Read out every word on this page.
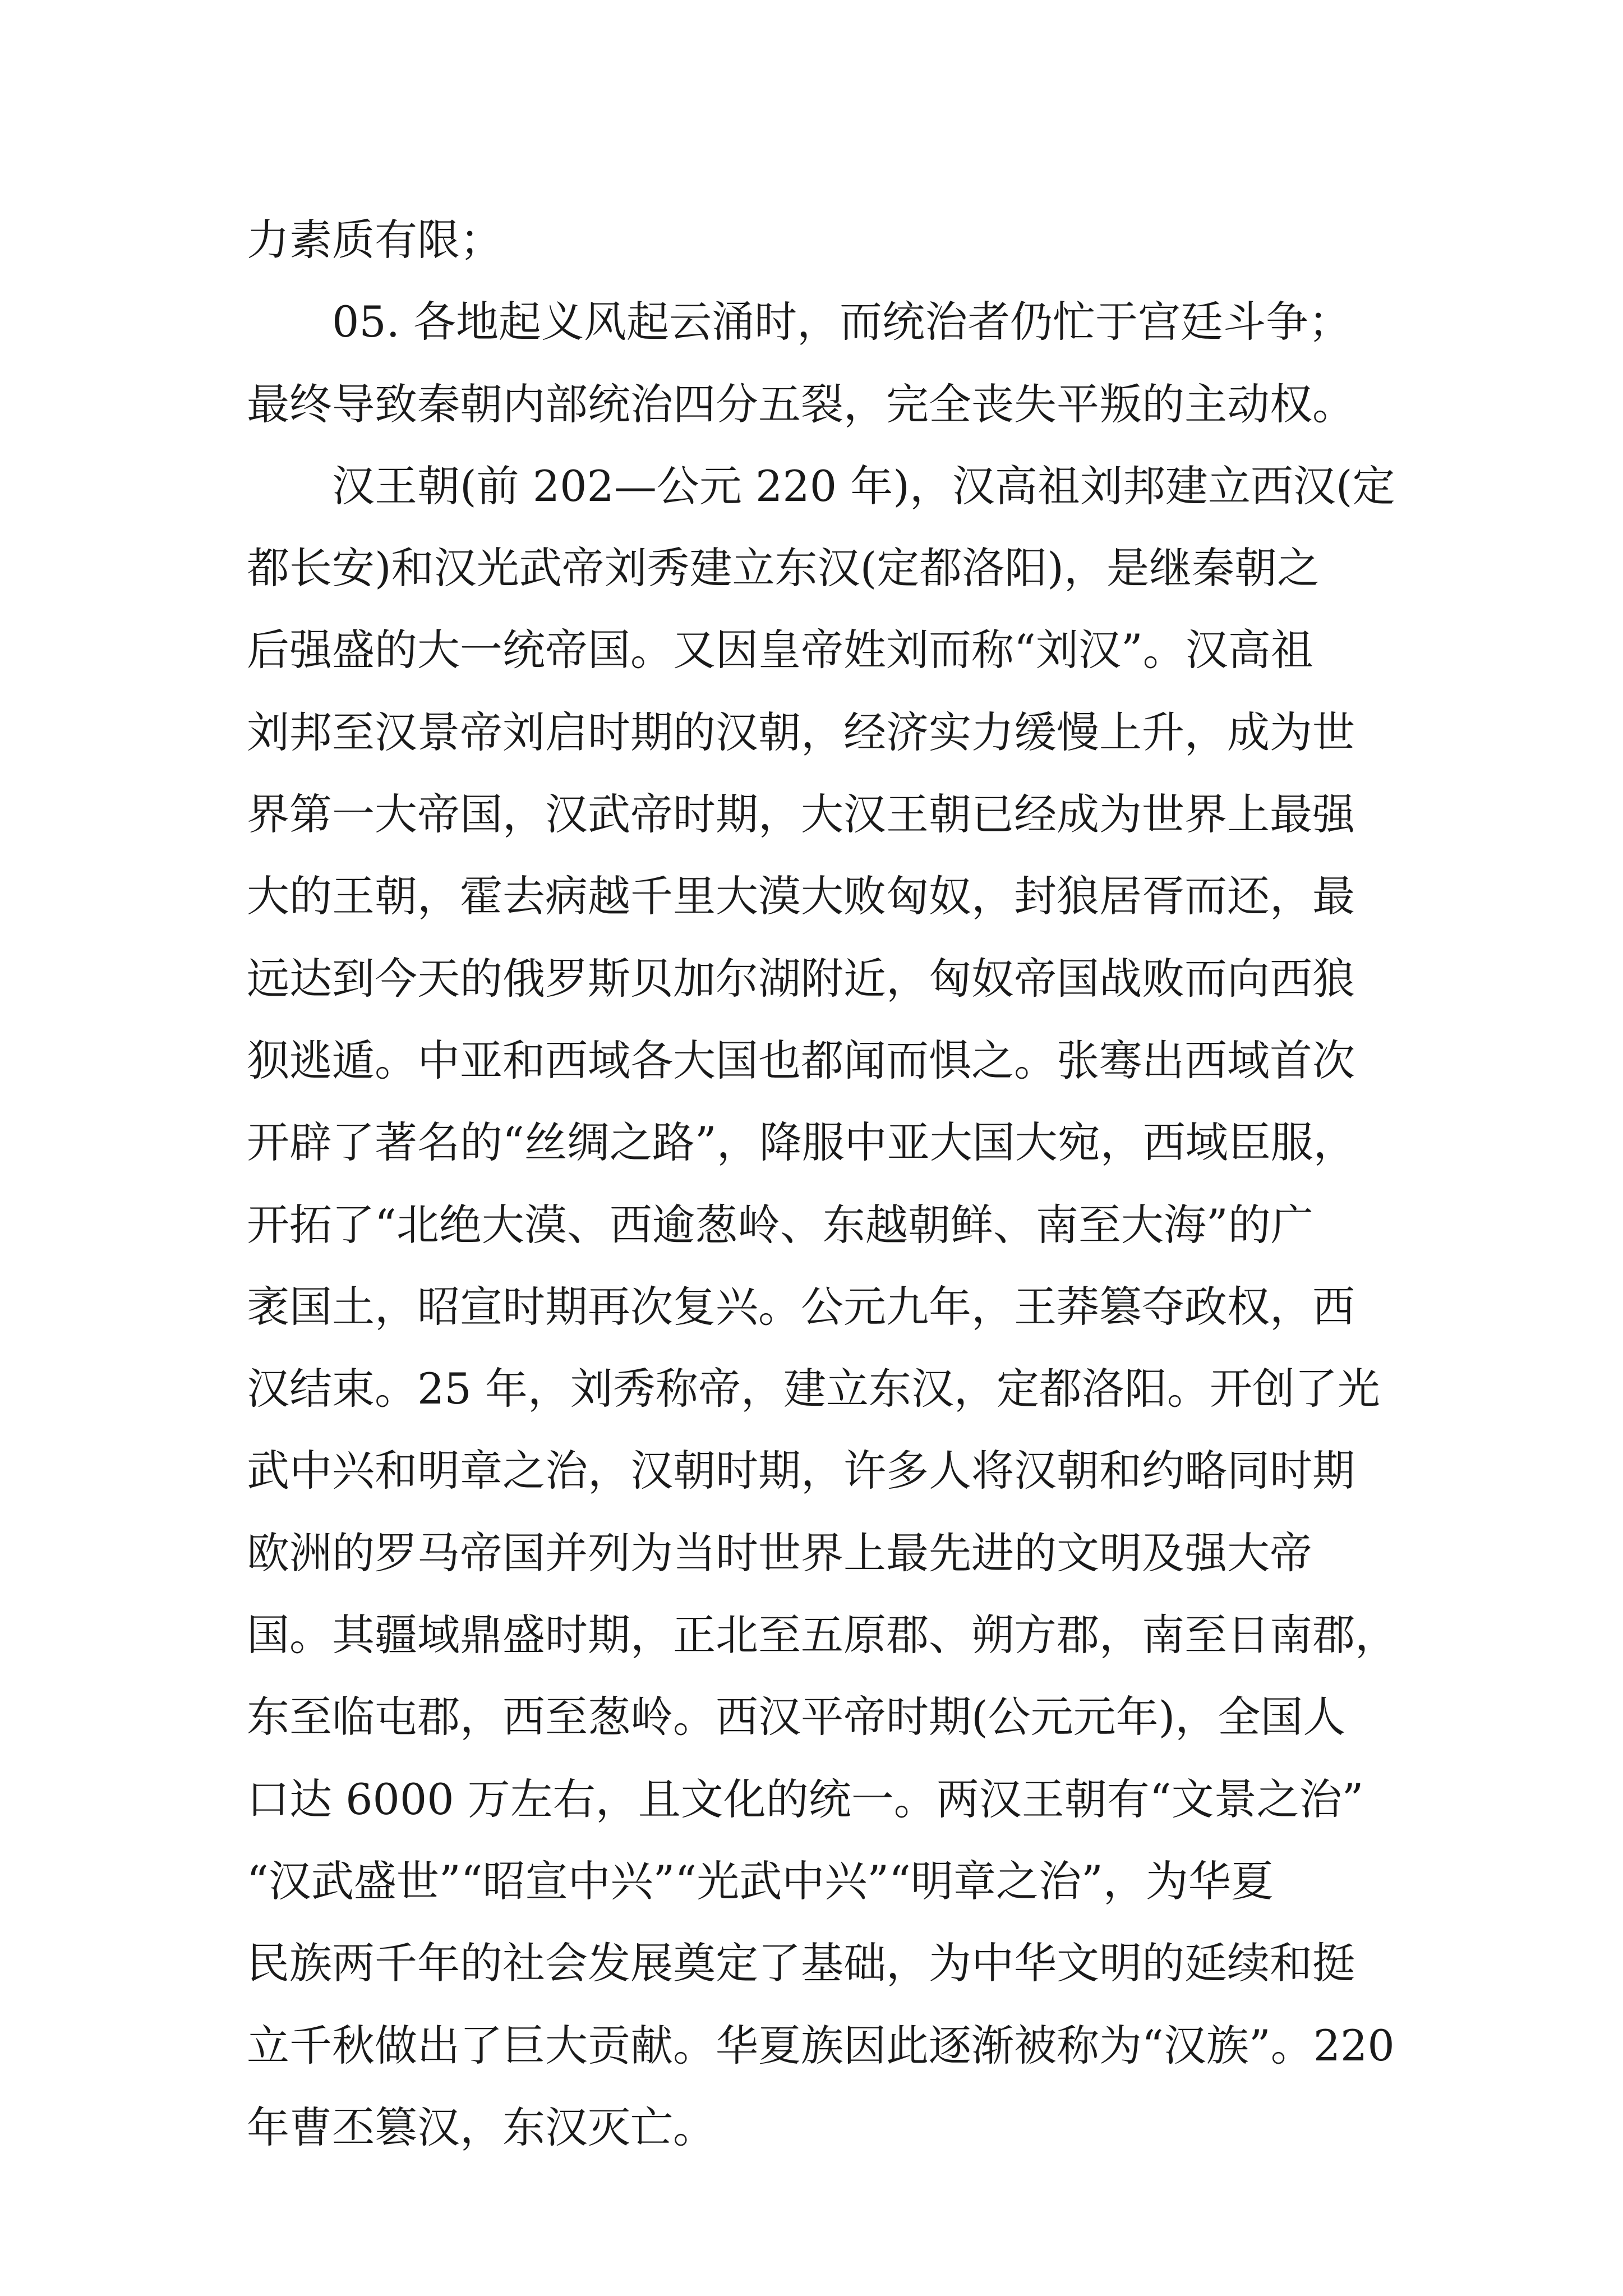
力素质有限；
05. 各地起义风起云涌时，而统治者仍忙于宫廷斗争；
最终导致秦朝内部统治四分五裂，完全丧失平叛的主动权。
汉王朝(前 202—公元 220 年)，汉高祖刘邦建立西汉(定
都长安)和汉光武帝刘秀建立东汉(定都洛阳)，是继秦朝之
后强盛的大一统帝国。又因皇帝姓刘而称“刘汉”。汉高祖
刘邦至汉景帝刘启时期的汉朝，经济实力缓慢上升，成为世
界第一大帝国，汉武帝时期，大汉王朝已经成为世界上最强
大的王朝，霍去病越千里大漠大败匈奴，封狼居胥而还，最
远达到今天的俄罗斯贝加尔湖附近，匈奴帝国战败而向西狼
狈逃遁。中亚和西域各大国也都闻而惧之。张骞出西域首次
开辟了著名的“丝绸之路”，降服中亚大国大宛，西域臣服，
开拓了“北绝大漠、西逾葱岭、东越朝鲜、南至大海”的广
袤国土，昭宣时期再次复兴。公元九年，王莽篡夺政权，西
汉结束。25 年，刘秀称帝，建立东汉，定都洛阳。开创了光
武中兴和明章之治，汉朝时期，许多人将汉朝和约略同时期
欧洲的罗马帝国并列为当时世界上最先进的文明及强大帝
国。其疆域鼎盛时期，正北至五原郡、朔方郡，南至日南郡，
东至临屯郡，西至葱岭。西汉平帝时期(公元元年)，全国人
口达 6000 万左右，且文化的统一。两汉王朝有“文景之治”
“汉武盛世”“昭宣中兴”“光武中兴”“明章之治”，为华夏
民族两千年的社会发展奠定了基础，为中华文明的延续和挺
立千秋做出了巨大贡献。华夏族因此逐渐被称为“汉族”。220
年曹丕篡汉，东汉灭亡。
